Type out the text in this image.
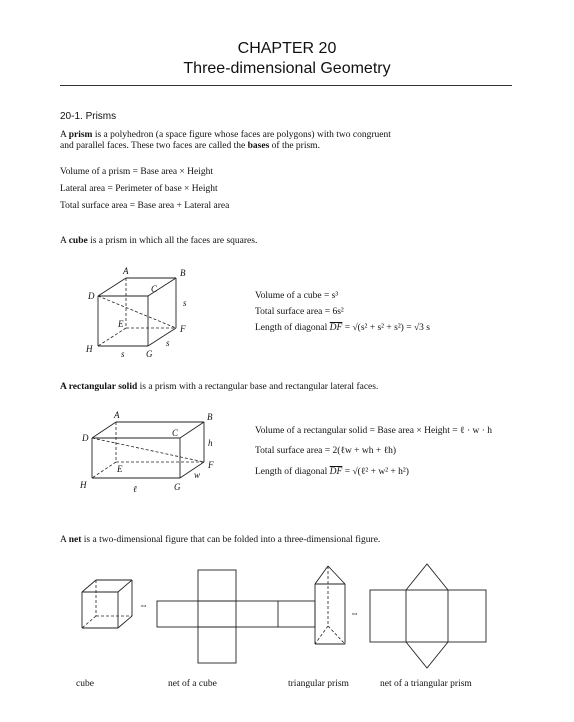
CHAPTER 20
Three-dimensional Geometry
20-1. Prisms
A prism is a polyhedron (a space figure whose faces are polygons) with two congruent
and parallel faces. These two faces are called the bases of the prism.
Volume of a prism = Base area × Height
Lateral area = Perimeter of base × Height
Total surface area = Base area + Lateral area
A cube is a prism in which all the faces are squares.
A	B
C
D
E	F
G
H
s
s
s
Volume of a cube = s³
Total surface area = 6s²
Length of diagonal $\overline{DF} = √(s^2 + s^2 + s^2) = √3$ s
A rectangular solid is a prism with a rectangular base and rectangular lateral faces.
A	B
C
D
E	F
G
H
h
w
ℓ
Volume of a rectangular solid = Base area × Height = ℓ · w · h
Total surface area = 2(ℓw + wh + ℓh)
Length of diagonal $\overline{DF}$ = √(ℓ² + w² + h²)
A net is a two-dimensional figure that can be folded into a three-dimensional figure.
⇔
⇔
cube	net of a cube	triangular prism	net of a triangular prism
